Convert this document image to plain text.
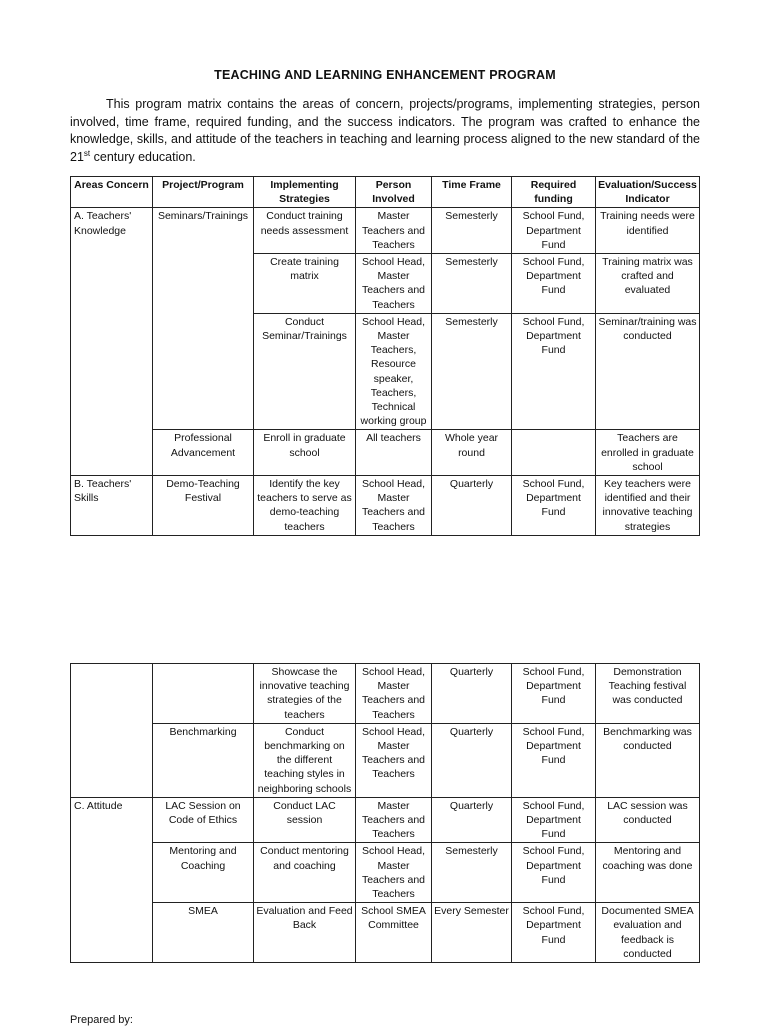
TEACHING AND LEARNING ENHANCEMENT PROGRAM

This program matrix contains the areas of concern, projects/programs, implementing strategies, person involved, time frame, required funding, and the success indicators. The program was crafted to enhance the knowledge, skills, and attitude of the teachers in teaching and learning process aligned to the new standard of the 21st century education.

Areas Concern	Project/Program	Implementing Strategies	Person Involved	Time Frame	Required funding	Evaluation/Success Indicator
A. Teachers' Knowledge	Seminars/Trainings	Conduct training needs assessment	Master Teachers and Teachers	Semesterly	School Fund, Department Fund	Training needs were identified
		Create training matrix	School Head, Master Teachers and Teachers	Semesterly	School Fund, Department Fund	Training matrix was crafted and evaluated
		Conduct Seminar/Trainings	School Head, Master Teachers, Resource speaker, Teachers, Technical working group	Semesterly	School Fund, Department Fund	Seminar/training was conducted
	Professional Advancement	Enroll in graduate school	All teachers	Whole year round		Teachers are enrolled in graduate school
B. Teachers' Skills	Demo-Teaching Festival	Identify the key teachers to serve as demo-teaching teachers	School Head, Master Teachers and Teachers	Quarterly	School Fund, Department Fund	Key teachers were identified and their innovative teaching strategies
		Showcase the innovative teaching strategies of the teachers	School Head, Master Teachers and Teachers	Quarterly	School Fund, Department Fund	Demonstration Teaching festival was conducted
	Benchmarking	Conduct benchmarking on the different teaching styles in neighboring schools	School Head, Master Teachers and Teachers	Quarterly	School Fund, Department Fund	Benchmarking was conducted
C. Attitude	LAC Session on Code of Ethics	Conduct LAC session	Master Teachers and Teachers	Quarterly	School Fund, Department Fund	LAC session was conducted
	Mentoring and Coaching	Conduct mentoring and coaching	School Head, Master Teachers and Teachers	Semesterly	School Fund, Department Fund	Mentoring and coaching was done
	SMEA	Evaluation and Feed Back	School SMEA Committee	Every Semester	School Fund, Department Fund	Documented SMEA evaluation and feedback is conducted
Prepared by:
